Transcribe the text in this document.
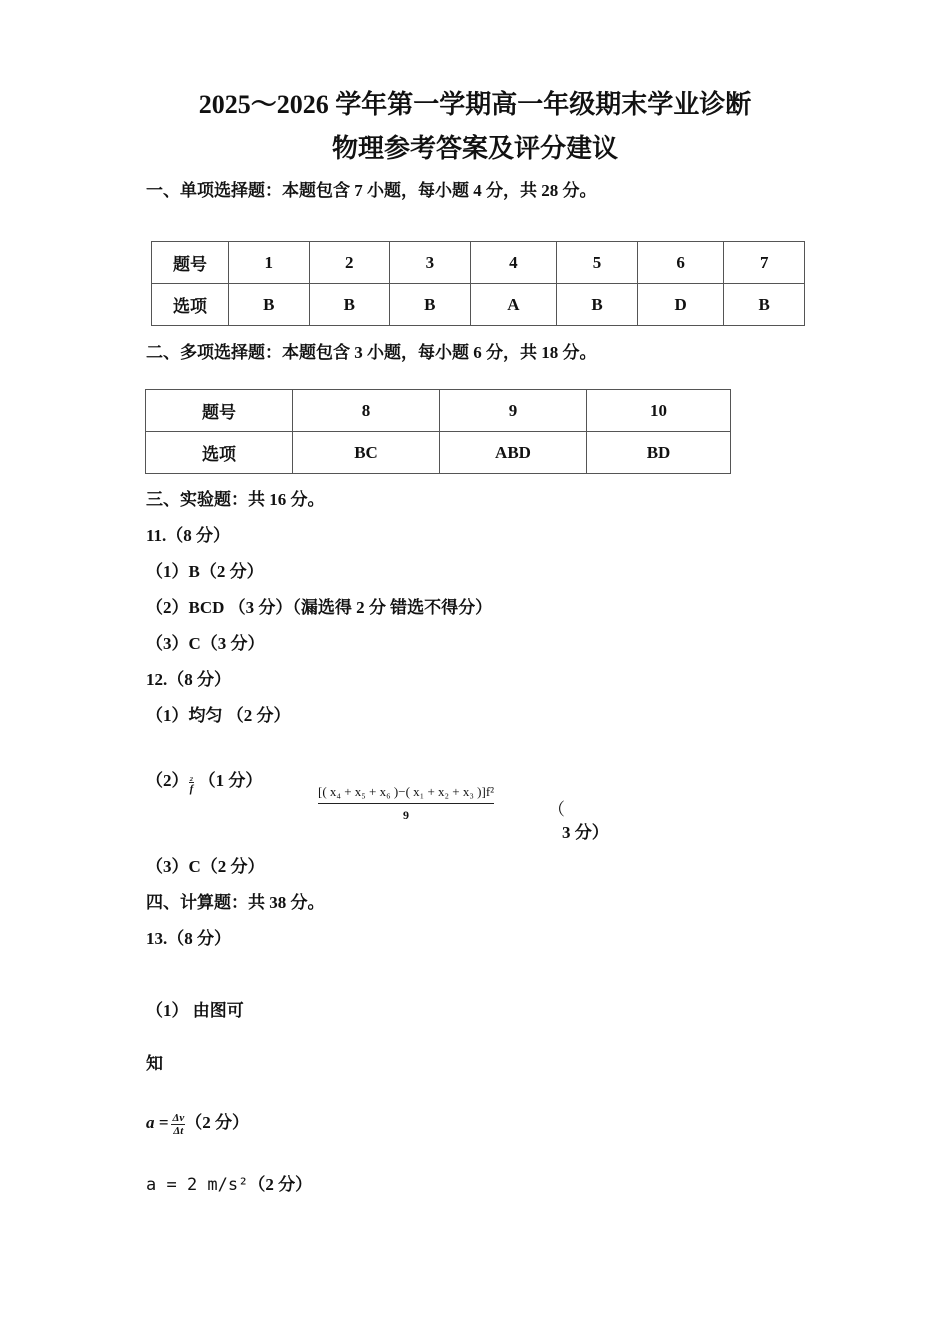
2025～2026 学年第一学期高一年级期末学业诊断
物理参考答案及评分建议
一、单项选择题：本题包含 7 小题，每小题 4 分，共 28 分。
题号	1	2	3	4	5	6	7
选项	B	B	B	A	B	D	B
二、多项选择题：本题包含 3 小题，每小题 6 分，共 18 分。
题号	8	9	10
选项	BC	ABD	BD
三、实验题：共 16 分。
11.（8 分）
（1）B（2 分）
（2）BCD （3 分）（漏选得 2 分 错选不得分）
（3）C（3 分）
12.（8 分）
（1）均匀 （2 分）
$(2) \frac{\text{₂}}{f} (1$ 分）
$\frac{\text{[( x₄ + x₅ + x₆ )−( x₁ + x₂ + x₃ )]f²}}{9}$	（
3 分）
（3）C（2 分）
四、计算题：共 38 分。
13.（8 分）
（1） 由图可
知
$a = \frac{\Delta v}{\Delta t} (2$ 分）
a = 2 m/s²（2 分）
